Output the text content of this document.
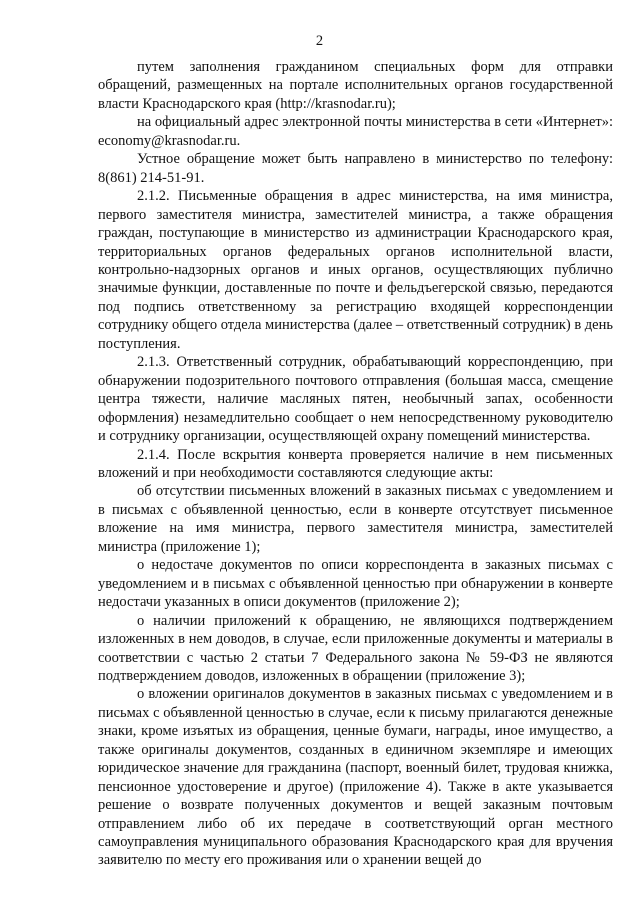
2

путем заполнения гражданином специальных форм для отправки обращений, размещенных на портале исполнительных органов государственной власти Краснодарского края (http://krasnodar.ru);

на официальный адрес электронной почты министерства в сети «Интернет»: economy@krasnodar.ru.

Устное обращение может быть направлено в министерство по телефону: 8(861) 214-51-91.

2.1.2. Письменные обращения в адрес министерства, на имя министра, первого заместителя министра, заместителей министра, а также обращения граждан, поступающие в министерство из администрации Краснодарского края, территориальных органов федеральных органов исполнительной власти, контрольно-надзорных органов и иных органов, осуществляющих публично значимые функции, доставленные по почте и фельдъегерской связью, передаются под подпись ответственному за регистрацию входящей корреспонденции сотруднику общего отдела министерства (далее – ответственный сотрудник) в день поступления.

2.1.3. Ответственный сотрудник, обрабатывающий корреспонденцию, при обнаружении подозрительного почтового отправления (большая масса, смещение центра тяжести, наличие масляных пятен, необычный запах, особенности оформления) незамедлительно сообщает о нем непосредственному руководителю и сотруднику организации, осуществляющей охрану помещений министерства.

2.1.4. После вскрытия конверта проверяется наличие в нем письменных вложений и при необходимости составляются следующие акты:

об отсутствии письменных вложений в заказных письмах с уведомлением и в письмах с объявленной ценностью, если в конверте отсутствует письменное вложение на имя министра, первого заместителя министра, заместителей министра (приложение 1);

о недостаче документов по описи корреспондента в заказных письмах с уведомлением и в письмах с объявленной ценностью при обнаружении в конверте недостачи указанных в описи документов (приложение 2);

о наличии приложений к обращению, не являющихся подтверждением изложенных в нем доводов, в случае, если приложенные документы и материалы в соответствии с частью 2 статьи 7 Федерального закона № 59-ФЗ не являются подтверждением доводов, изложенных в обращении (приложение 3);

о вложении оригиналов документов в заказных письмах с уведомлением и в письмах с объявленной ценностью в случае, если к письму прилагаются денежные знаки, кроме изъятых из обращения, ценные бумаги, награды, иное имущество, а также оригиналы документов, созданных в единичном экземпляре и имеющих юридическое значение для гражданина (паспорт, военный билет, трудовая книжка, пенсионное удостоверение и другое) (приложение 4). Также в акте указывается решение о возврате полученных документов и вещей заказным почтовым отправлением либо об их передаче в соответствующий орган местного самоуправления муниципального образования Краснодарского края для вручения заявителю по месту его проживания или о хранении вещей до
